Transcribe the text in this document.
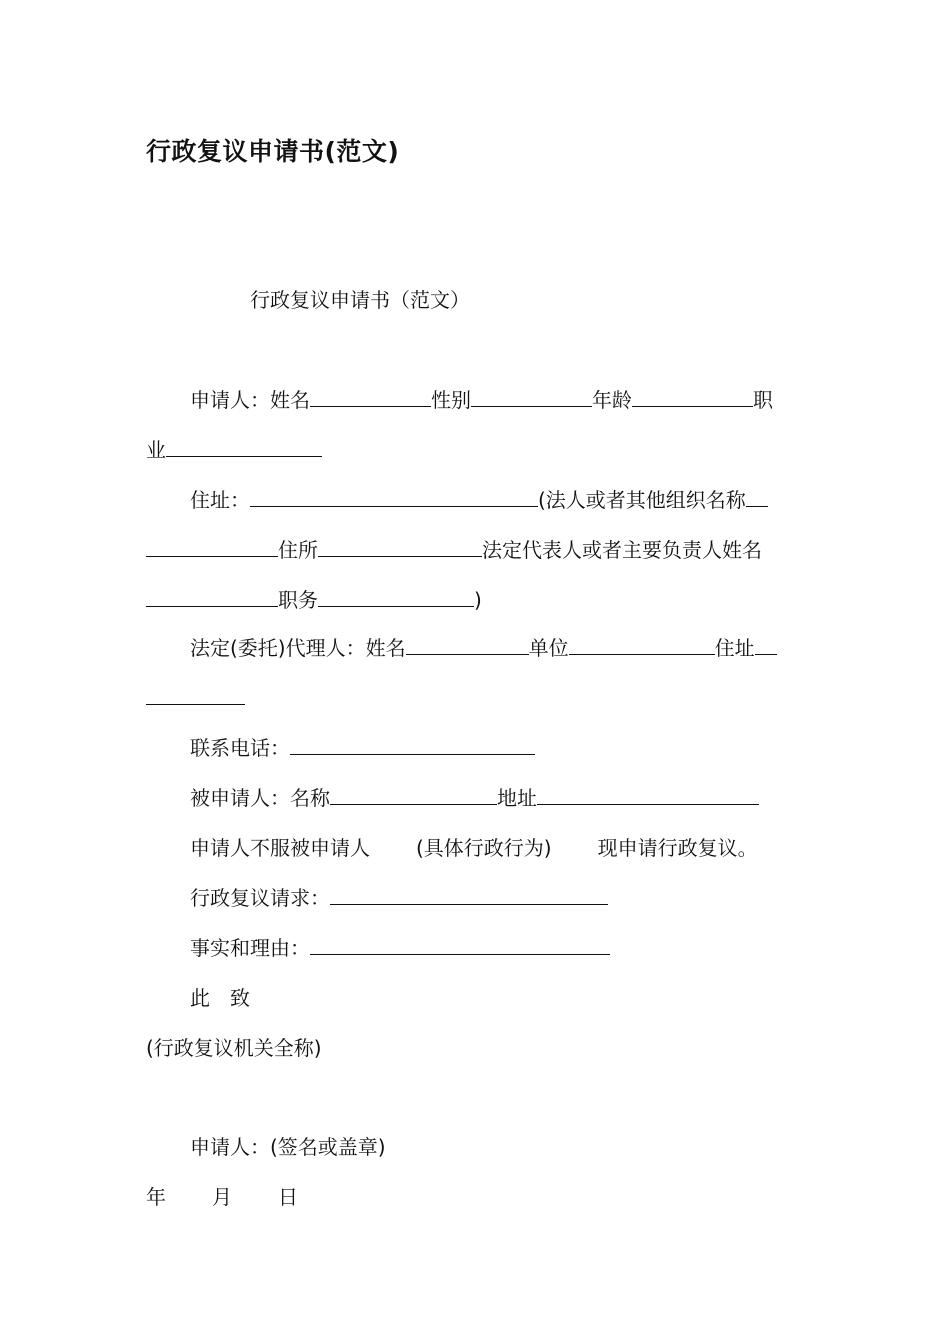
行政复议申请书(范文)
行政复议申请书（范文）
申请人：姓名	性别	年龄	职
业
住址：	(法人或者其他组织名称
住所	法定代表人或者主要负责人姓名
职务	)
法定(委托)代理人：姓名	单位	住址
联系电话：
被申请人：名称	地址
申请人不服被申请人 (具体行政行为) 现申请行政复议。
行政复议请求：
事实和理由：
此　致
(行政复议机关全称)
申请人：(签名或盖章)
年 月 日
